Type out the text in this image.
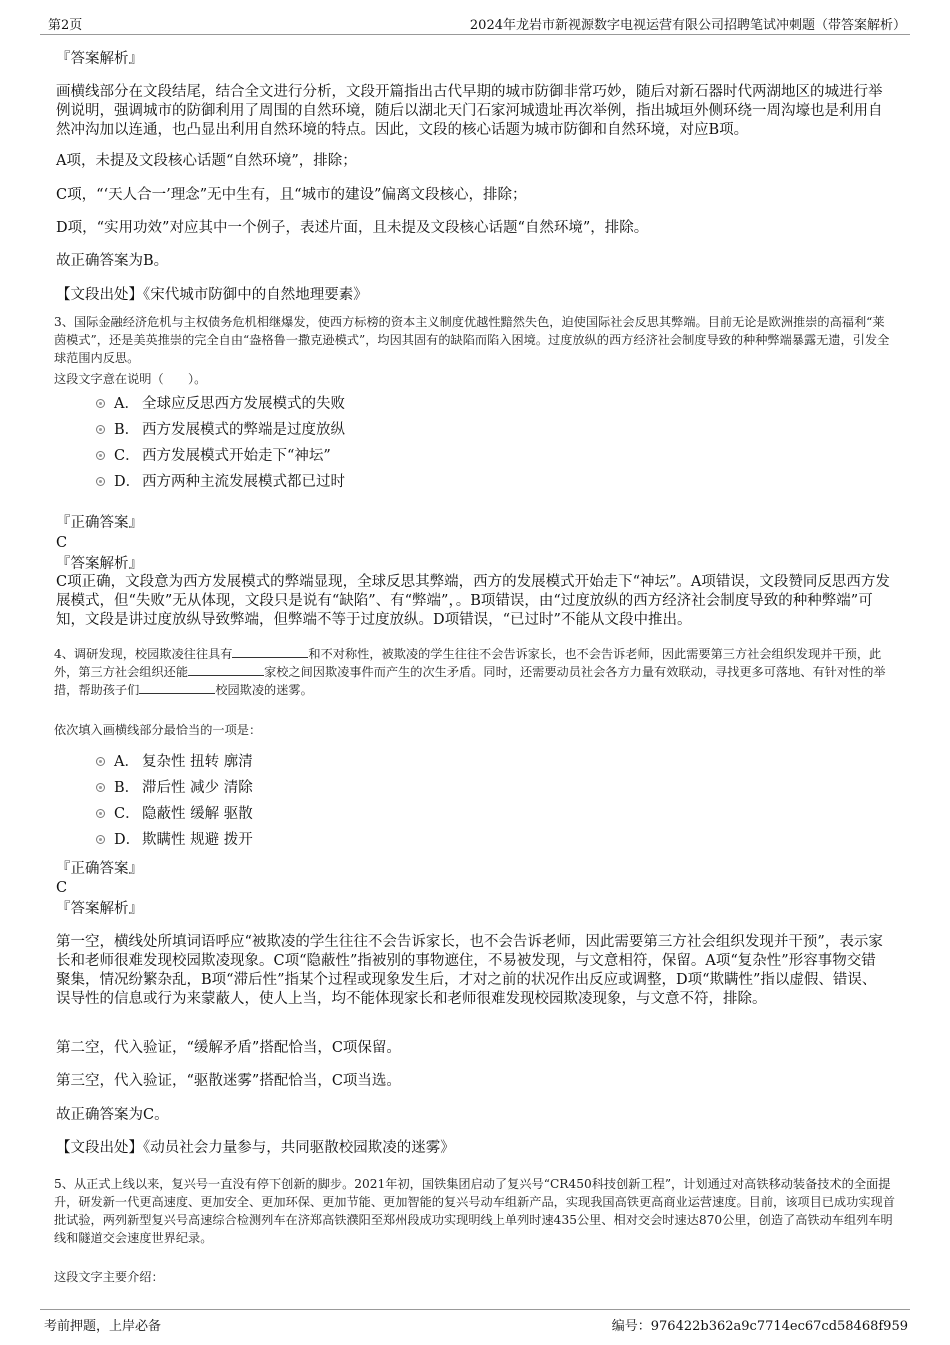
第2页	2024年龙岩市新视源数字电视运营有限公司招聘笔试冲刺题（带答案解析）
『答案解析』
画横线部分在文段结尾，结合全文进行分析，文段开篇指出古代早期的城市防御非常巧妙，随后对新石器时代两湖地区的城进行举例说明，强调城市的防御利用了周围的自然环境，随后以湖北天门石家河城遗址再次举例，指出城垣外侧环绕一周沟壕也是利用自然冲沟加以连通，也凸显出利用自然环境的特点。因此，文段的核心话题为城市防御和自然环境，对应B项。
A项，未提及文段核心话题“自然环境”，排除；
C项，“‘天人合一’理念”无中生有，且“城市的建设”偏离文段核心，排除；
D项，“实用功效”对应其中一个例子，表述片面，且未提及文段核心话题“自然环境”，排除。
故正确答案为B。
【文段出处】《宋代城市防御中的自然地理要素》
3、国际金融经济危机与主权债务危机相继爆发，使西方标榜的资本主义制度优越性黯然失色，迫使国际社会反思其弊端。目前无论是欧洲推崇的高福利“莱茵模式”，还是美英推崇的完全自由“盎格鲁一撒克逊模式”，均因其固有的缺陷而陷入困境。过度放纵的西方经济社会制度导致的种种弊端暴露无遗，引发全球范围内反思。
这段文字意在说明（　　）。
A． 全球应反思西方发展模式的失败
B． 西方发展模式的弊端是过度放纵
C． 西方发展模式开始走下“神坛”
D． 西方两种主流发展模式都已过时
『正确答案』
C
『答案解析』
C项正确，文段意为西方发展模式的弊端显现，全球反思其弊端，西方的发展模式开始走下“神坛”。A项错误，文段赞同反思西方发展模式，但“失败”无从体现，文段只是说有“缺陷”、有“弊端”，。B项错误，由“过度放纵的西方经济社会制度导致的种种弊端”可知，文段是讲过度放纵导致弊端，但弊端不等于过度放纵。D项错误，“已过时”不能从文段中推出。
4、调研发现，校园欺凌往往具有	和不对称性，被欺凌的学生往往不会告诉家长，也不会告诉老师，因此需要第三方社会组织发现并干预，此外，第三方社会组织还能	家校之间因欺凌事件而产生的次生矛盾。同时，还需要动员社会各方力量有效联动，寻找更多可落地、有针对性的举措，帮助孩子们	校园欺凌的迷雾。
依次填入画横线部分最恰当的一项是：
A． 复杂性 扭转 廓清
B． 滞后性 减少 清除
C． 隐蔽性 缓解 驱散
D． 欺瞒性 规避 拨开
『正确答案』
C
『答案解析』
第一空，横线处所填词语呼应“被欺凌的学生往往不会告诉家长，也不会告诉老师，因此需要第三方社会组织发现并干预”，表示家长和老师很难发现校园欺凌现象。C项“隐蔽性”指被别的事物遮住，不易被发现，与文意相符，保留。A项“复杂性”形容事物交错聚集，情况纷繁杂乱，B项“滞后性”指某个过程或现象发生后，才对之前的状况作出反应或调整，D项“欺瞒性”指以虚假、错误、误导性的信息或行为来蒙蔽人，使人上当，均不能体现家长和老师很难发现校园欺凌现象，与文意不符，排除。
第二空，代入验证，“缓解矛盾”搭配恰当，C项保留。
第三空，代入验证，“驱散迷雾”搭配恰当，C项当选。
故正确答案为C。
【文段出处】《动员社会力量参与，共同驱散校园欺凌的迷雾》
5、从正式上线以来，复兴号一直没有停下创新的脚步。2021年初，国铁集团启动了复兴号“CR450科技创新工程”，计划通过对高铁移动装备技术的全面提升，研发新一代更高速度、更加安全、更加环保、更加节能、更加智能的复兴号动车组新产品，实现我国高铁更高商业运营速度。目前，该项目已成功实现首批试验，两列新型复兴号高速综合检测列车在济郑高铁濮阳至郑州段成功实现明线上单列时速435公里、相对交会时速达870公里，创造了高铁动车组列车明线和隧道交会速度世界纪录。
这段文字主要介绍：
考前押题，上岸必备	编号：976422b362a9c7714ec67cd58468f959
